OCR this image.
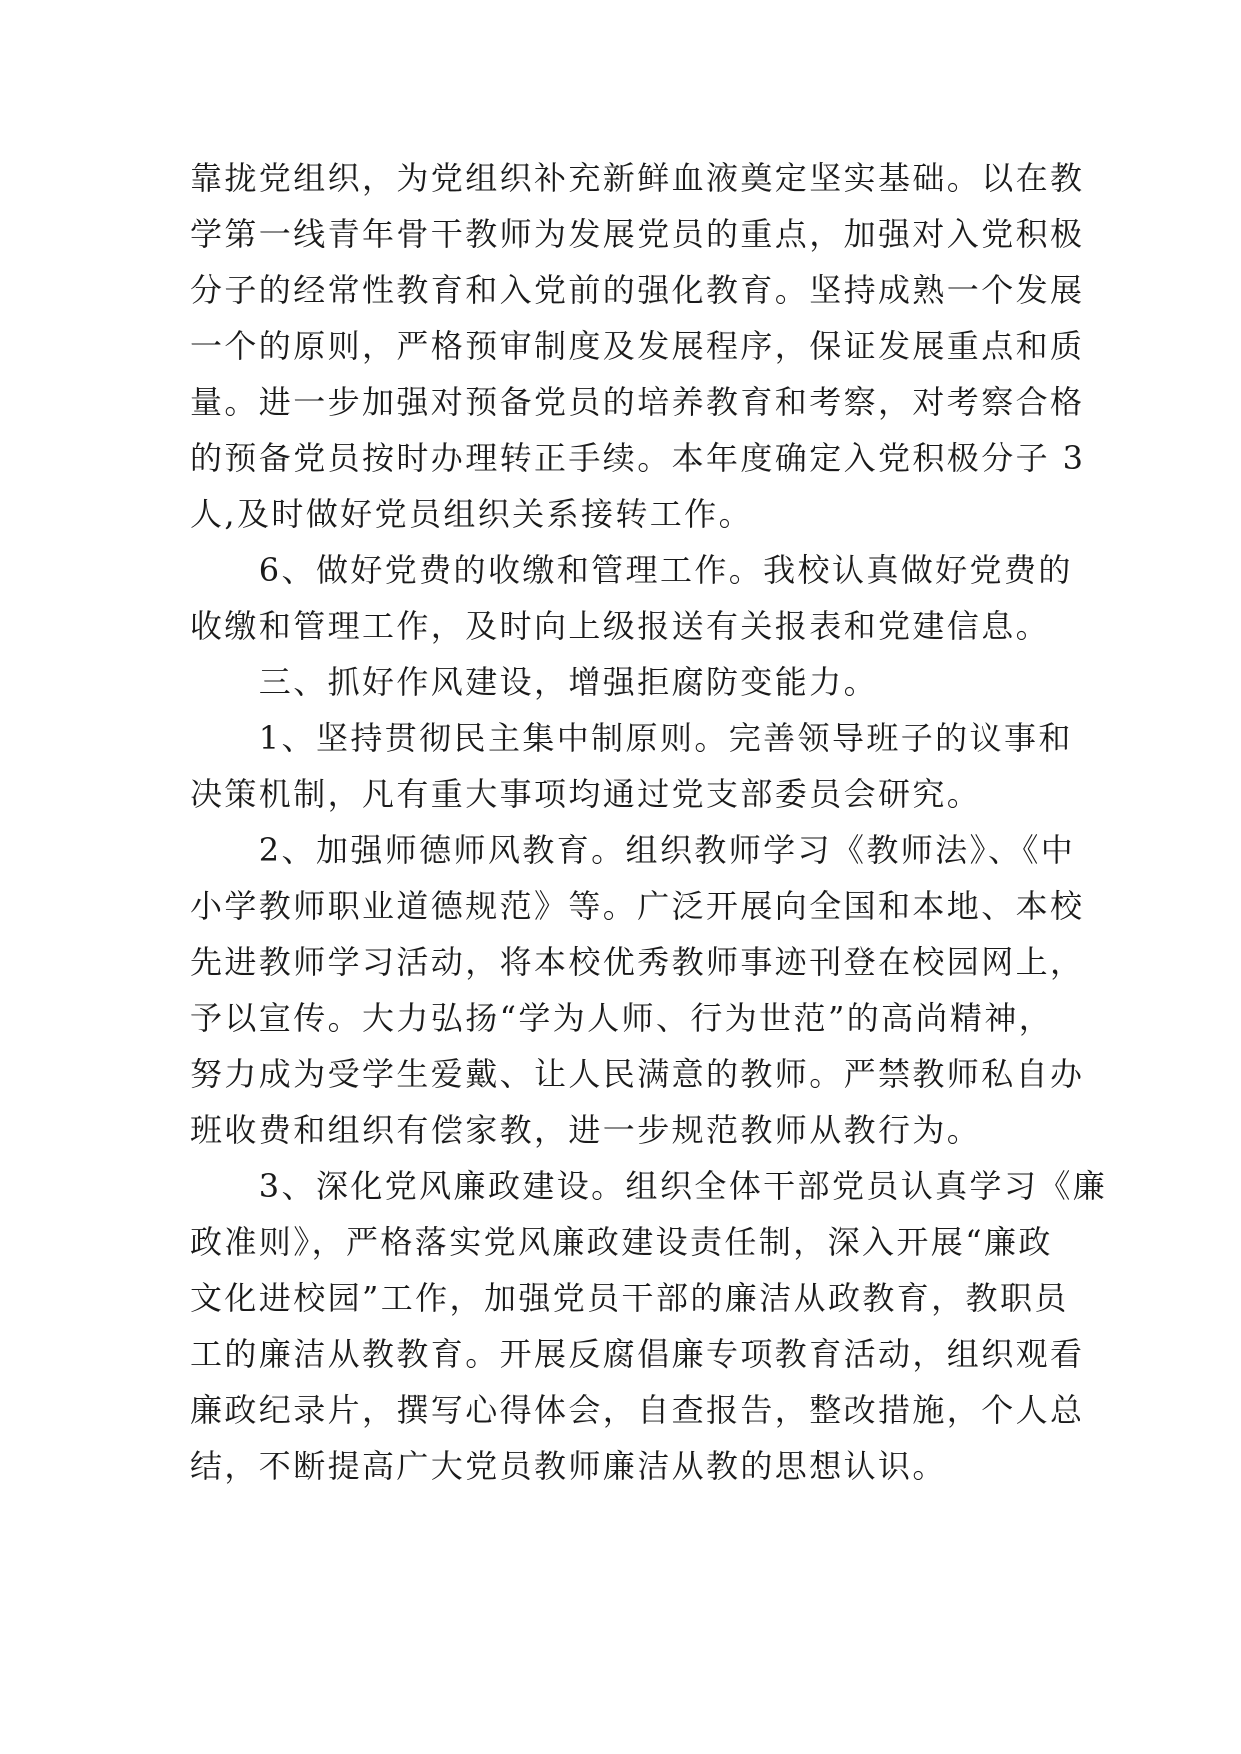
靠拢党组织，为党组织补充新鲜血液奠定坚实基础。以在教
学第一线青年骨干教师为发展党员的重点，加强对入党积极
分子的经常性教育和入党前的强化教育。坚持成熟一个发展
一个的原则，严格预审制度及发展程序，保证发展重点和质
量。进一步加强对预备党员的培养教育和考察，对考察合格
的预备党员按时办理转正手续。本年度确定入党积极分子 3
人,及时做好党员组织关系接转工作。
　　6、做好党费的收缴和管理工作。我校认真做好党费的
收缴和管理工作，及时向上级报送有关报表和党建信息。
　　三、抓好作风建设，增强拒腐防变能力。
　　1、坚持贯彻民主集中制原则。完善领导班子的议事和
决策机制，凡有重大事项均通过党支部委员会研究。
　　2、加强师德师风教育。组织教师学习《教师法》、《中
小学教师职业道德规范》等。广泛开展向全国和本地、本校
先进教师学习活动，将本校优秀教师事迹刊登在校园网上，
予以宣传。大力弘扬“学为人师、行为世范”的高尚精神，
努力成为受学生爱戴、让人民满意的教师。严禁教师私自办
班收费和组织有偿家教，进一步规范教师从教行为。
　　3、深化党风廉政建设。组织全体干部党员认真学习《廉
政准则》，严格落实党风廉政建设责任制，深入开展“廉政
文化进校园”工作，加强党员干部的廉洁从政教育，教职员
工的廉洁从教教育。开展反腐倡廉专项教育活动，组织观看
廉政纪录片，撰写心得体会，自查报告，整改措施，个人总
结，不断提高广大党员教师廉洁从教的思想认识。
